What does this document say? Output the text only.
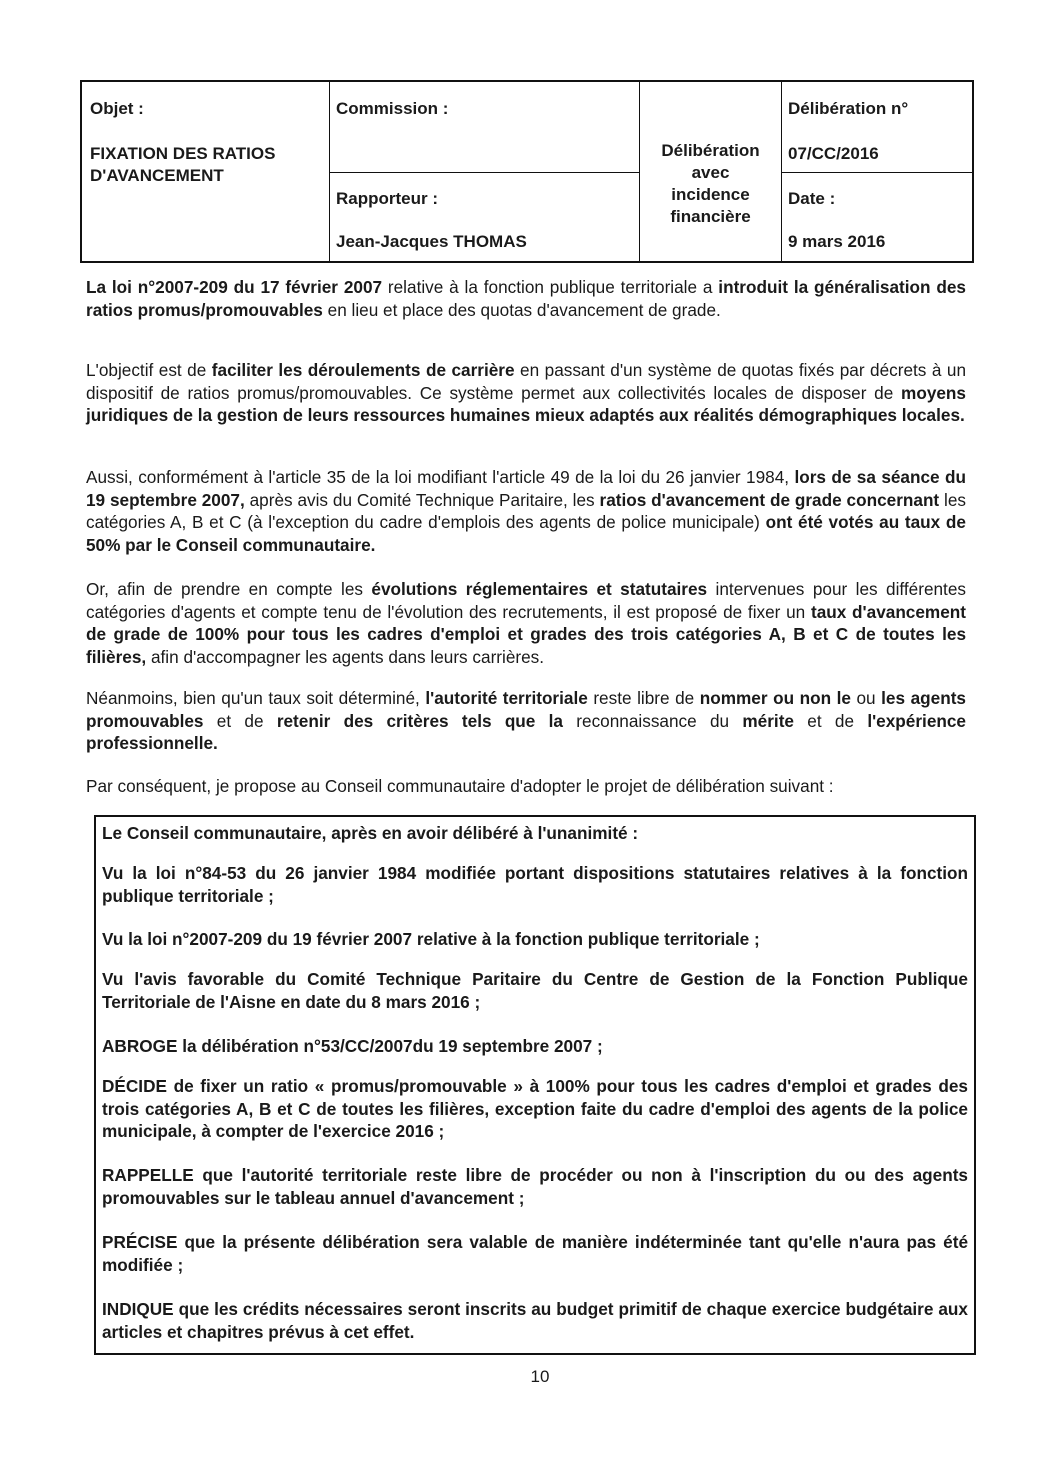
Objet :
FIXATION DES RATIOS
D'AVANCEMENT
Commission :
Rapporteur :
Jean-Jacques THOMAS
Délibération
avec
incidence
financière
Délibération n°
07/CC/2016
Date :
9 mars 2016

La loi n°2007-209 du 17 février 2007 relative à la fonction publique territoriale a introduit la généralisation des ratios promus/promouvables en lieu et place des quotas d'avancement de grade.

L'objectif est de faciliter les déroulements de carrière en passant d'un système de quotas fixés par décrets à un dispositif de ratios promus/promouvables. Ce système permet aux collectivités locales de disposer de moyens juridiques de la gestion de leurs ressources humaines mieux adaptés aux réalités démographiques locales.

Aussi, conformément à l'article 35 de la loi modifiant l'article 49 de la loi du 26 janvier 1984, lors de sa séance du 19 septembre 2007, après avis du Comité Technique Paritaire, les ratios d'avancement de grade concernant les catégories A, B et C (à l'exception du cadre d'emplois des agents de police municipale) ont été votés au taux de 50% par le Conseil communautaire.

Or, afin de prendre en compte les évolutions réglementaires et statutaires intervenues pour les différentes catégories d'agents et compte tenu de l'évolution des recrutements, il est proposé de fixer un taux d'avancement de grade de 100% pour tous les cadres d'emploi et grades des trois catégories A, B et C de toutes les filières, afin d'accompagner les agents dans leurs carrières.

Néanmoins, bien qu'un taux soit déterminé, l'autorité territoriale reste libre de nommer ou non le ou les agents promouvables et de retenir des critères tels que la reconnaissance du mérite et de l'expérience professionnelle.

Par conséquent, je propose au Conseil communautaire d'adopter le projet de délibération suivant :

Le Conseil communautaire, après en avoir délibéré à l'unanimité :

Vu la loi n°84-53 du 26 janvier 1984 modifiée portant dispositions statutaires relatives à la fonction publique territoriale ;

Vu la loi n°2007-209 du 19 février 2007 relative à la fonction publique territoriale ;

Vu l'avis favorable du Comité Technique Paritaire du Centre de Gestion de la Fonction Publique Territoriale de l'Aisne en date du 8 mars 2016 ;

ABROGE la délibération n°53/CC/2007du 19 septembre 2007 ;

DÉCIDE de fixer un ratio « promus/promouvable » à 100% pour tous les cadres d'emploi et grades des trois catégories A, B et C de toutes les filières, exception faite du cadre d'emploi des agents de la police municipale, à compter de l'exercice 2016 ;

RAPPELLE que l'autorité territoriale reste libre de procéder ou non à l'inscription du ou des agents promouvables sur le tableau annuel d'avancement ;

PRÉCISE que la présente délibération sera valable de manière indéterminée tant qu'elle n'aura pas été modifiée ;

INDIQUE que les crédits nécessaires seront inscrits au budget primitif de chaque exercice budgétaire aux articles et chapitres prévus à cet effet.

10
